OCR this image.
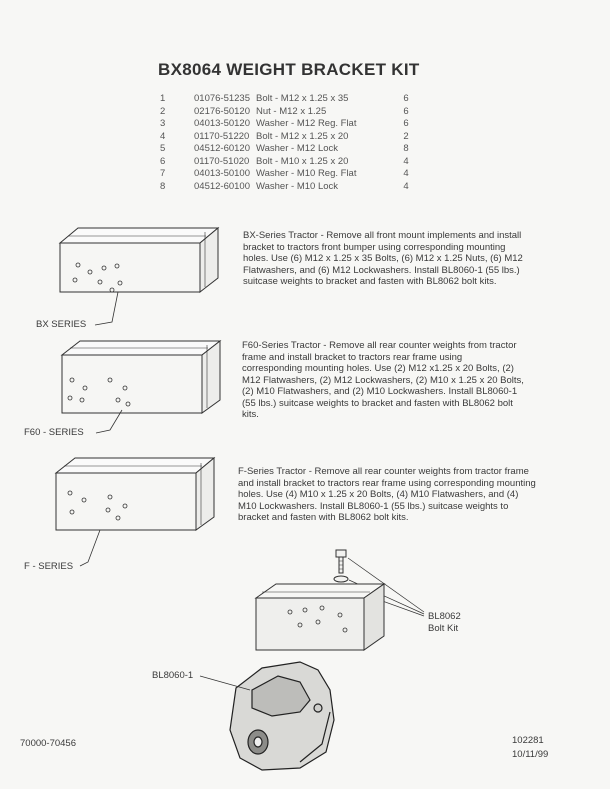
BX8064 WEIGHT BRACKET KIT
1	01076-51235	Bolt - M12 x 1.25 x 35	6
2	02176-50120	Nut - M12 x 1.25	6
3	04013-50120	Washer - M12 Reg. Flat	6
4	01170-51220	Bolt - M12 x 1.25 x 20	2
5	04512-60120	Washer - M12 Lock	8
6	01170-51020	Bolt - M10 x 1.25 x 20	4
7	04013-50100	Washer - M10 Reg. Flat	4
8	04512-60100	Washer - M10 Lock	4
BX-Series Tractor - Remove all front mount implements and install bracket to tractors front bumper using corresponding mounting holes. Use (6) M12 x 1.25 x 35 Bolts, (6) M12 x 1.25 Nuts, (6) M12 Flatwashers, and (6) M12 Lockwashers. Install BL8060-1 (55 lbs.) suitcase weights to bracket and fasten with BL8062 bolt kits.
BX SERIES
F60-Series Tractor - Remove all rear counter weights from tractor frame and install bracket to tractors rear frame using corresponding mounting holes. Use (2) M12 x1.25 x 20 Bolts, (2) M12 Flatwashers, (2) M12 Lockwashers, (2) M10 x 1.25 x 20 Bolts, (2) M10 Flatwashers, and (2) M10 Lockwashers. Install BL8060-1 (55 lbs.) suitcase weights to bracket and fasten with BL8062 bolt kits.
F60 - SERIES
F-Series Tractor - Remove all rear counter weights from tractor frame and install bracket to tractors rear frame using corresponding mounting holes. Use (4) M10 x 1.25 x 20 Bolts, (4) M10 Flatwashers, and (4) M10 Lockwashers. Install BL8060-1 (55 lbs.) suitcase weights to bracket and fasten with BL8062 bolt kits.
F - SERIES
BL8062
Bolt Kit
BL8060-1
70000-70456	102281
10/11/99
